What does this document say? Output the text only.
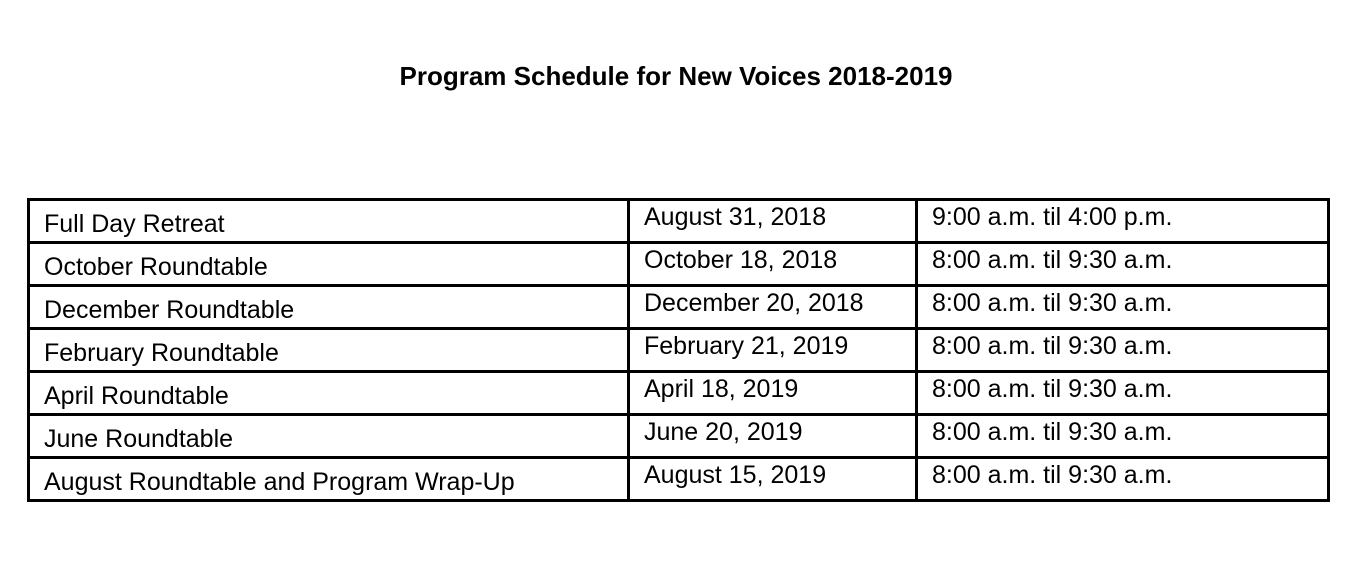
Program Schedule for New Voices 2018-2019
Full Day Retreat	August 31, 2018	9:00 a.m. til 4:00 p.m.
October Roundtable	October 18, 2018	8:00 a.m. til 9:30 a.m.
December Roundtable	December 20, 2018	8:00 a.m. til 9:30 a.m.
February Roundtable	February 21, 2019	8:00 a.m. til 9:30 a.m.
April Roundtable	April 18, 2019	8:00 a.m. til 9:30 a.m.
June Roundtable	June 20, 2019	8:00 a.m. til 9:30 a.m.
August Roundtable and Program Wrap-Up	August 15, 2019	8:00 a.m. til 9:30 a.m.
